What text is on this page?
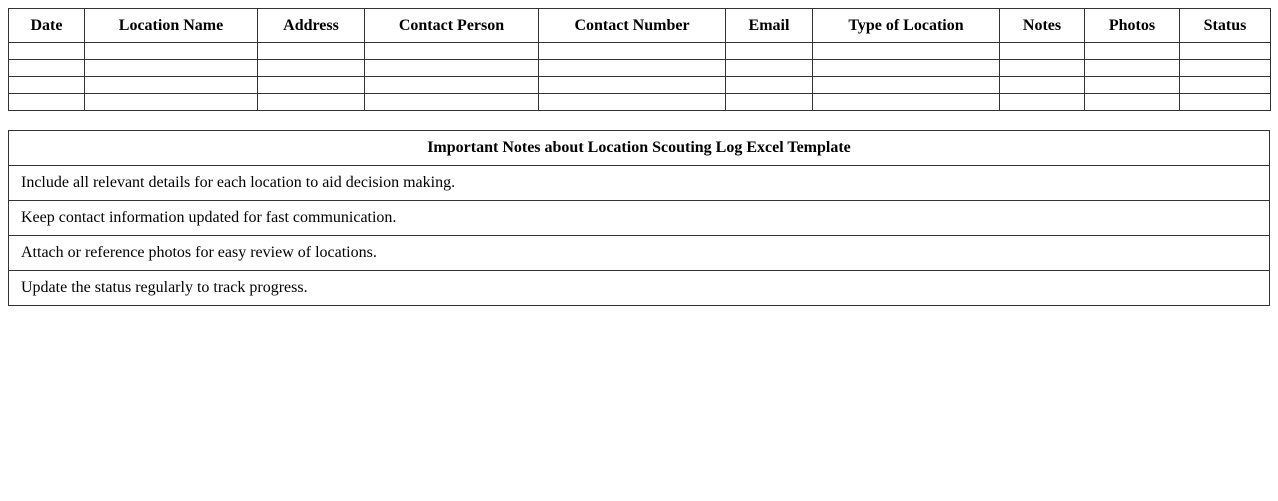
Date	Location Name	Address	Contact Person	Contact Number	Email	Type of Location	Notes	Photos	Status

Important Notes about Location Scouting Log Excel Template
Include all relevant details for each location to aid decision making.
Keep contact information updated for fast communication.
Attach or reference photos for easy review of locations.
Update the status regularly to track progress.
